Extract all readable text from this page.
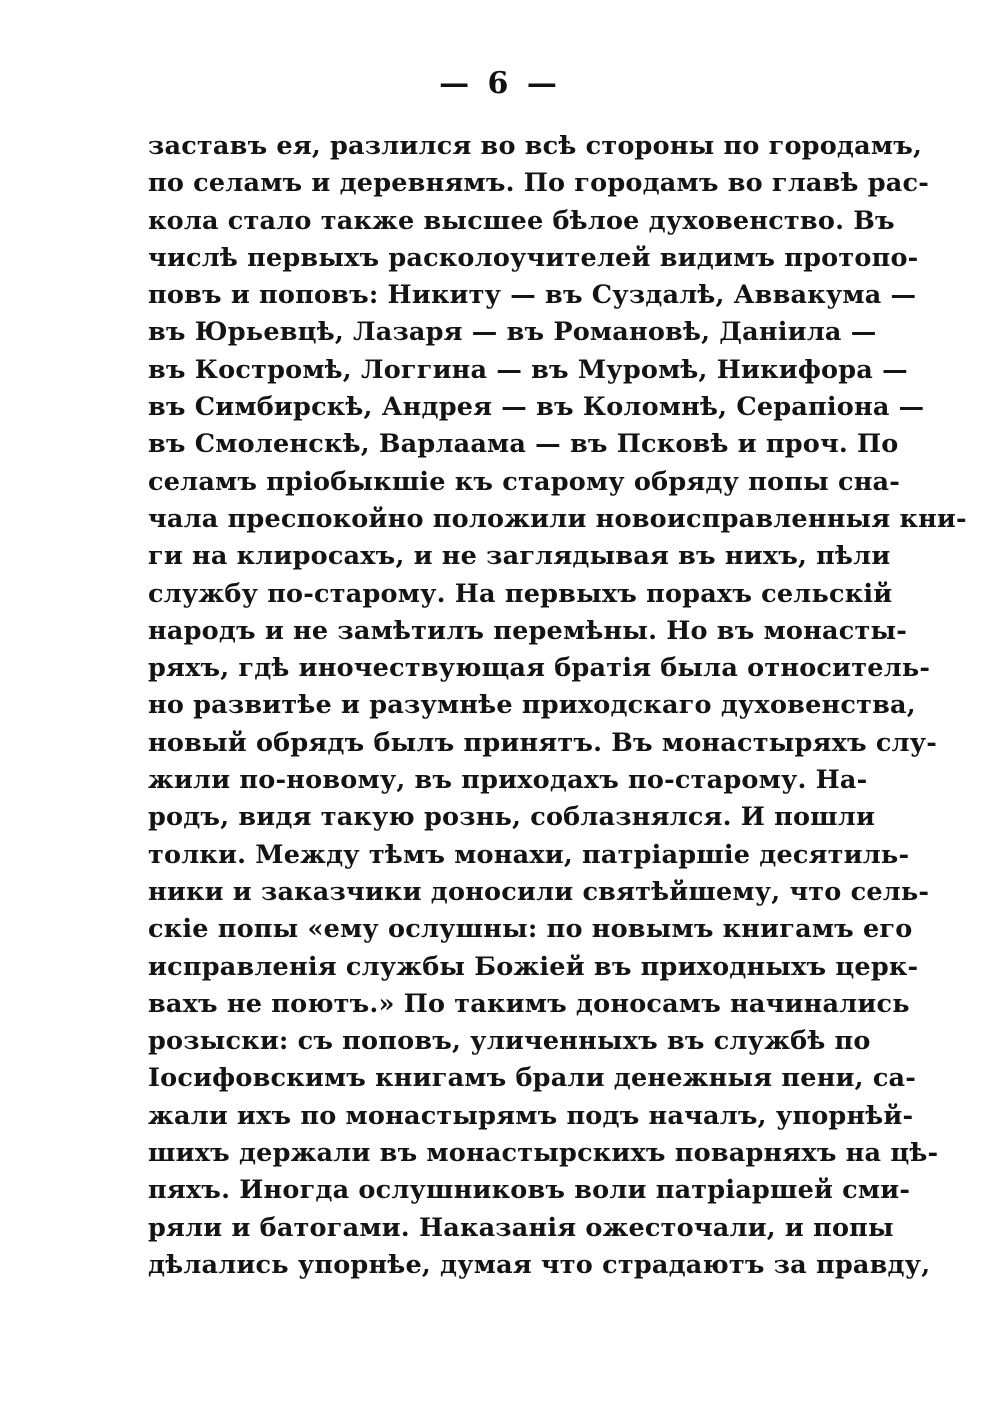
— 6 —
заставъ ея, разлился во всѣ стороны по городамъ,
по селамъ и деревнямъ. По городамъ во главѣ рас-
кола стало также высшее бѣлое духовенство. Въ
числѣ первыхъ расколоучителей видимъ протопо-
повъ и поповъ: Никиту — въ Суздалѣ, Аввакума —
въ Юрьевцѣ, Лазаря — въ Романовѣ, Даніила —
въ Костромѣ, Логгина — въ Муромѣ, Никифора —
въ Симбирскѣ, Андрея — въ Коломнѣ, Серапіона —
въ Смоленскѣ, Варлаама — въ Псковѣ и проч. По
селамъ пріобыкшіе къ старому обряду попы сна-
чала преспокойно положили новоисправленныя кни-
ги на клиросахъ, и не заглядывая въ нихъ, пѣли
службу по-старому. На первыхъ порахъ сельскій
народъ и не замѣтилъ перемѣны. Но въ монасты-
ряхъ, гдѣ иночествующая братія была относитель-
но развитѣе и разумнѣе приходскаго духовенства,
новый обрядъ былъ принятъ. Въ монастыряхъ слу-
жили по-новому, въ приходахъ по-старому. На-
родъ, видя такую рознь, соблазнялся. И пошли
толки. Между тѣмъ монахи, патріаршіе десятиль-
ники и заказчики доносили святѣйшему, что сель-
скіе попы «ему ослушны: по новымъ книгамъ его
исправленія службы Божіей въ приходныхъ церк-
вахъ не поютъ.» По такимъ доносамъ начинались
розыски: съ поповъ, уличенныхъ въ службѣ по
Іосифовскимъ книгамъ брали денежныя пени, са-
жали ихъ по монастырямъ подъ началъ, упорнѣй-
шихъ держали въ монастырскихъ поварняхъ на цѣ-
пяхъ. Иногда ослушниковъ воли патріаршей сми-
ряли и батогами. Наказанія ожесточали, и попы
дѣлались упорнѣе, думая что страдаютъ за правду,
